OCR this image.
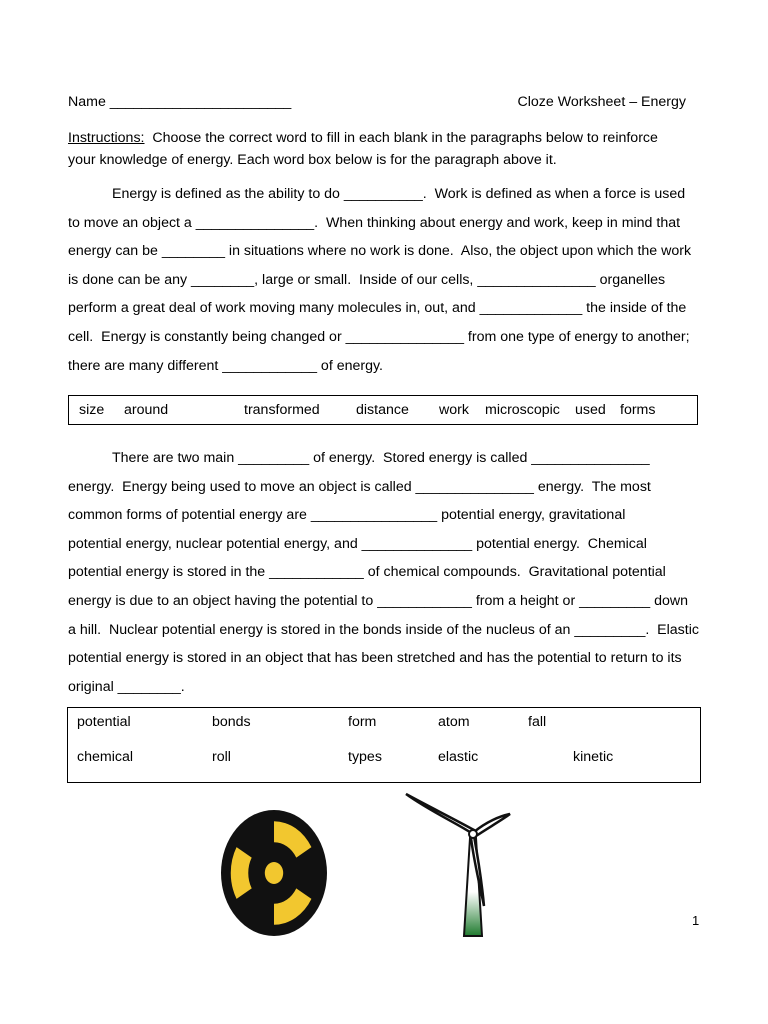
Name _______________________	Cloze Worksheet – Energy
Instructions:  Choose the correct word to fill in each blank in the paragraphs below to reinforce
your knowledge of energy. Each word box below is for the paragraph above it.
Energy is defined as the ability to do __________.  Work is defined as when a force is used
to move an object a _______________.  When thinking about energy and work, keep in mind that
energy can be ________ in situations where no work is done.  Also, the object upon which the work
is done can be any ________, large or small.  Inside of our cells, _______________ organelles
perform a great deal of work moving many molecules in, out, and _____________ the inside of the
cell.  Energy is constantly being changed or _______________ from one type of energy to another;
there are many different ____________ of energy.
size around	transformed	distance work microscopic used forms
There are two main _________ of energy.  Stored energy is called _______________
energy.  Energy being used to move an object is called _______________ energy.  The most
common forms of potential energy are ________________ potential energy, gravitational
potential energy, nuclear potential energy, and ______________ potential energy.  Chemical
potential energy is stored in the ____________ of chemical compounds.  Gravitational potential
energy is due to an object having the potential to ____________ from a height or _________ down
a hill.  Nuclear potential energy is stored in the bonds inside of the nucleus of an _________.  Elastic
potential energy is stored in an object that has been stretched and has the potential to return to its
original ________.
potential	bonds	form	atom	fall
chemical	roll	types	elastic	kinetic
1
